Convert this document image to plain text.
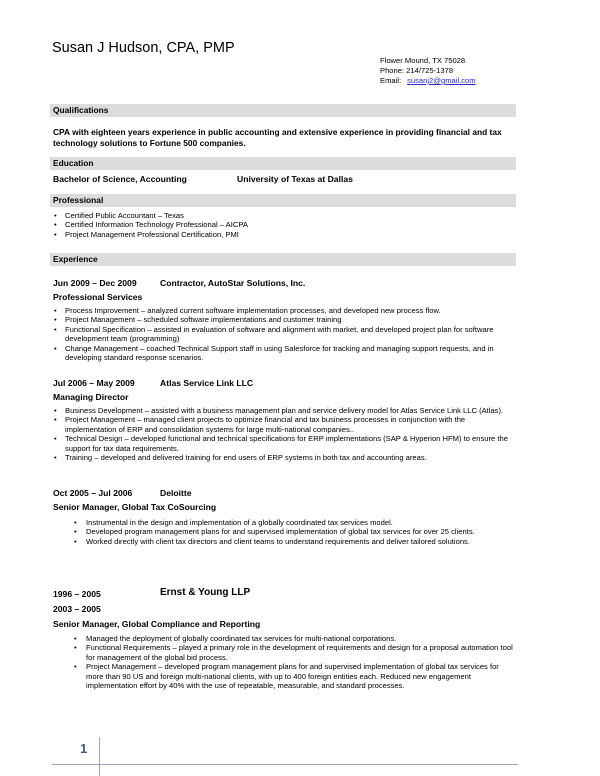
Susan J Hudson, CPA, PMP
Flower Mound, TX 75028
Phone: 214/725-1378
Email: susanj2@gmail.com
Qualifications
CPA with eighteen years experience in public accounting and extensive experience in providing financial and tax technology solutions to Fortune 500 companies.
Education
Bachelor of Science, Accounting	University of Texas at Dallas
Professional
• Certified Public Accountant – Texas
• Certified Information Technology Professional – AICPA
• Project Management Professional Certification, PMI
Experience
Jun 2009 – Dec 2009	Contractor, AutoStar Solutions, Inc.
Professional Services
• Process Improvement – analyzed current software implementation processes, and developed new process flow.
• Project Management – scheduled software implementations and customer training
• Functional Specification – assisted in evaluation of software and alignment with market, and developed project plan for software development team (programming)
• Change Management – coached Technical Support staff in using Salesforce for tracking and managing support requests, and in developing standard response scenarios.
Jul 2006 – May 2009	Atlas Service Link LLC
Managing Director
• Business Development – assisted with a business management plan and service delivery model for Atlas Service Link LLC (Atlas).
• Project Management – managed client projects to optimize financial and tax business processes in conjunction with the implementation of ERP and consolidation systems for large multi-national companies..
• Technical Design – developed functional and technical specifications for ERP implementations (SAP & Hyperion HFM) to ensure the support for tax data requirements.
• Training – developed and delivered training for end users of ERP systems in both tax and accounting areas.
Oct 2005 – Jul 2006	Deloitte
Senior Manager, Global Tax CoSourcing
• Instrumental in the design and implementation of a globally coordinated tax services model.
• Developed program management plans for and supervised implementation of global tax services for over 25 clients.
• Worked directly with client tax directors and client teams to understand requirements and deliver tailored solutions.
1996 – 2005	Ernst & Young LLP
2003 – 2005
Senior Manager, Global Compliance and Reporting
• Managed the deployment of globally coordinated tax services for multi-national corporations.
• Functional Requirements – played a primary role in the development of requirements and design for a proposal automation tool for management of the global bid process.
• Project Management – developed program management plans for and supervised implementation of global tax services for more than 90 US and foreign multi-national clients, with up to 400 foreign entities each. Reduced new engagement implementation effort by 40% with the use of repeatable, measurable, and standard processes.
1
